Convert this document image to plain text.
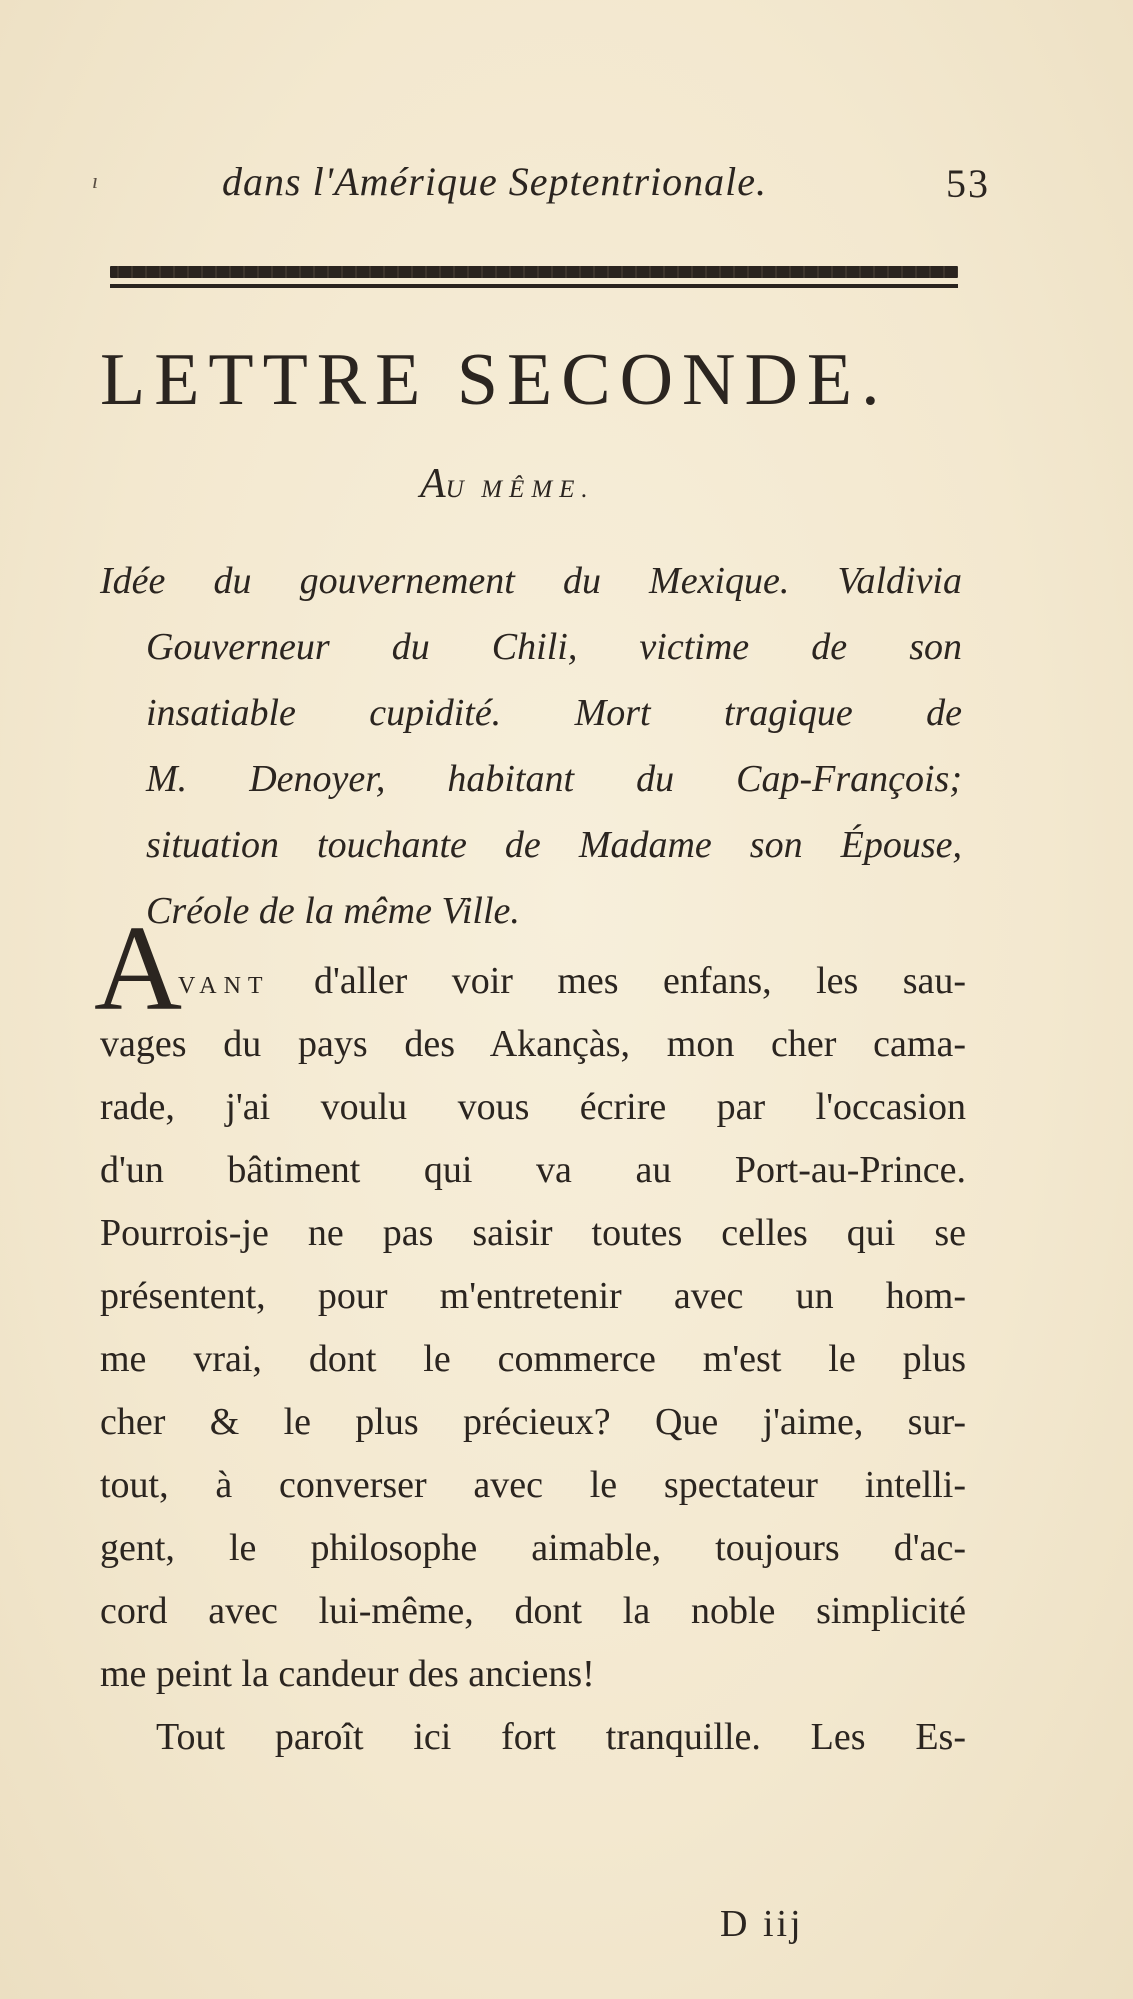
ı	dans l'Amérique Septentrionale.	53
LETTRE SECONDE.
AU MÊME.
Idée du gouvernement du Mexique. Valdivia
Gouverneur du Chili, victime de son
insatiable cupidité. Mort tragique de
M. Denoyer, habitant du Cap-François;
situation touchante de Madame son Épouse,
Créole de la même Ville.
A
VANT d'aller voir mes enfans, les sau-
vages du pays des Akançàs, mon cher cama-
rade, j'ai voulu vous écrire par l'occasion
d'un bâtiment qui va au Port-au-Prince.
Pourrois-je ne pas saisir toutes celles qui se
présentent, pour m'entretenir avec un hom-
me vrai, dont le commerce m'est le plus
cher & le plus précieux? Que j'aime, sur-
tout, à converser avec le spectateur intelli-
gent, le philosophe aimable, toujours d'ac-
cord avec lui-même, dont la noble simplicité
me peint la candeur des anciens!
Tout paroît ici fort tranquille. Les Es-
D iij
